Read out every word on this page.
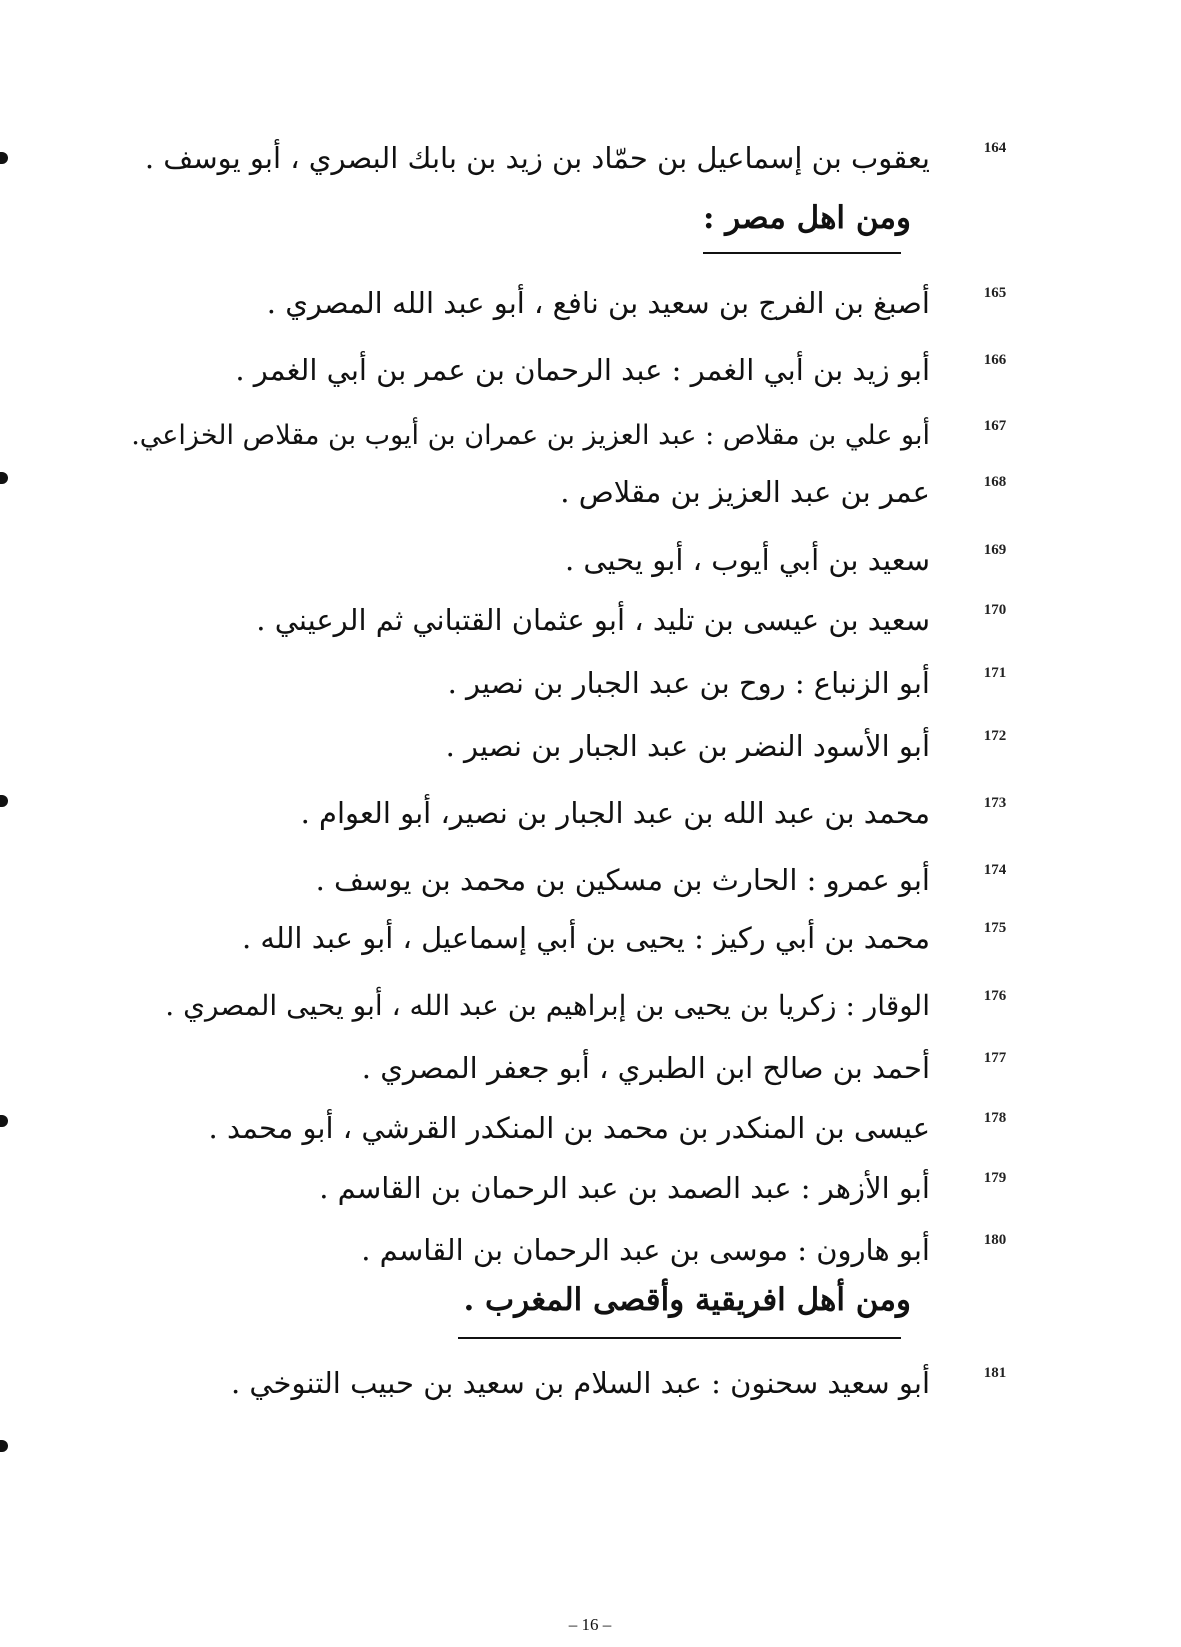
164
يعقوب بن إسماعيل بن حمّاد بن زيد بن بابك البصري ، أبو يوسف .
ومن اهل مصر :
165
أصبغ بن الفرج بن سعيد بن نافع ، أبو عبد الله المصري .
166
أبو زيد بن أبي الغمر : عبد الرحمان بن عمر بن أبي الغمر .
167
أبو علي بن مقلاص : عبد العزيز بن عمران بن أيوب بن مقلاص الخزاعي.
168
عمر بن عبد العزيز بن مقلاص .
169
سعيد بن أبي أيوب ، أبو يحيى .
170
سعيد بن عيسى بن تليد ، أبو عثمان القتباني ثم الرعيني .
171
أبو الزنباع : روح بن عبد الجبار بن نصير .
172
أبو الأسود النضر بن عبد الجبار بن نصير .
173
محمد بن عبد الله بن عبد الجبار بن نصير، أبو العوام .
174
أبو عمرو : الحارث بن مسكين بن محمد بن يوسف .
175
محمد بن أبي ركيز : يحيى بن أبي إسماعيل ، أبو عبد الله .
176
الوقار : زكريا بن يحيى بن إبراهيم بن عبد الله ، أبو يحيى المصري .
177
أحمد بن صالح ابن الطبري ، أبو جعفر المصري .
178
عيسى بن المنكدر بن محمد بن المنكدر القرشي ، أبو محمد .
179
أبو الأزهر : عبد الصمد بن عبد الرحمان بن القاسم .
180
أبو هارون : موسى بن عبد الرحمان بن القاسم .
ومن أهل افريقية وأقصى المغرب .
181
أبو سعيد سحنون : عبد السلام بن سعيد بن حبيب التنوخي .
– 16 –
